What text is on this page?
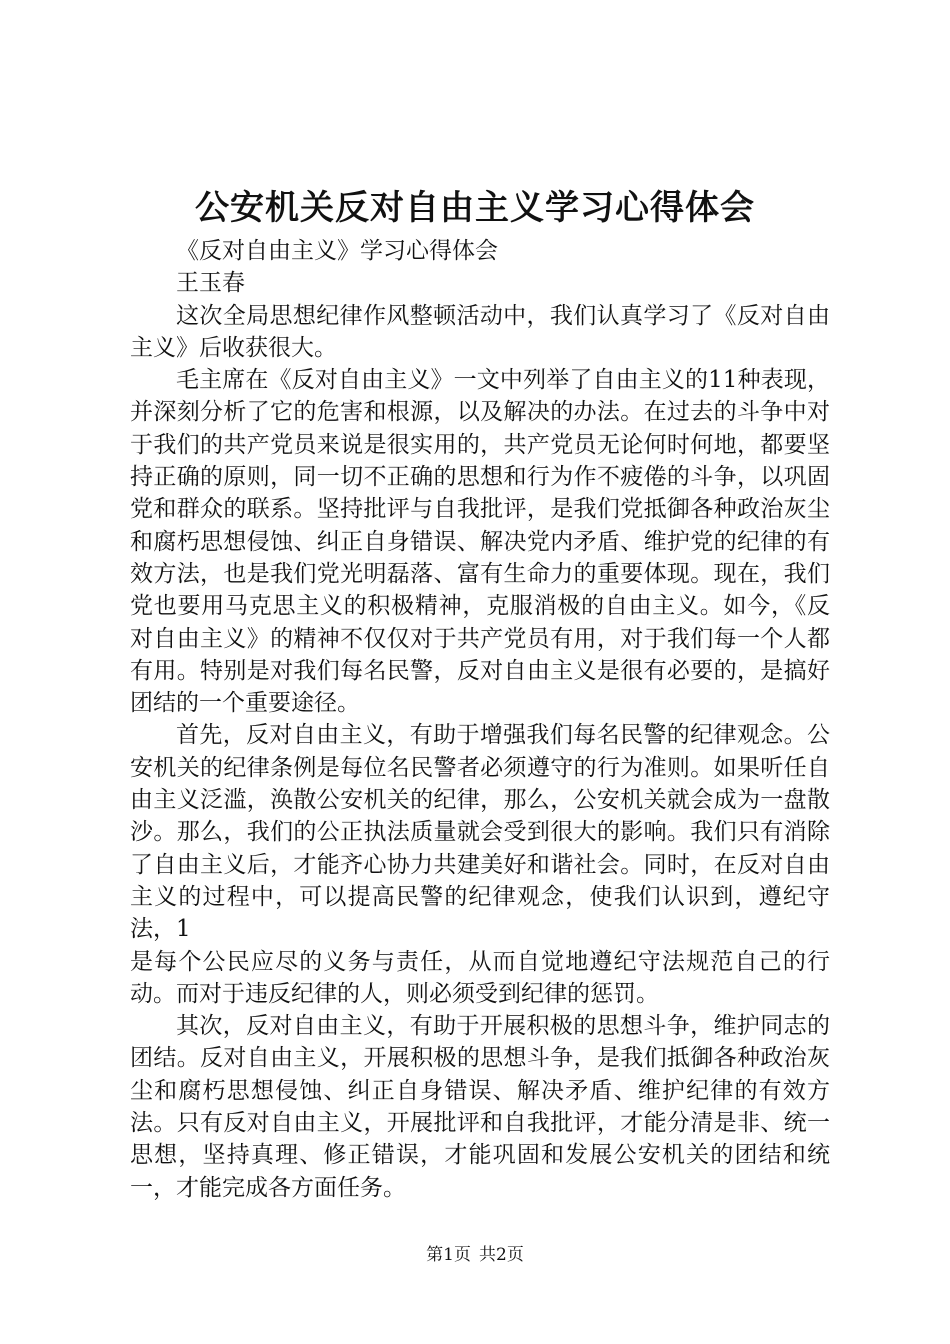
公安机关反对自由主义学习心得体会

《反对自由主义》学习心得体会

王玉春

这次全局思想纪律作风整顿活动中，我们认真学习了《反对自由主义》后收获很大。

毛主席在《反对自由主义》一文中列举了自由主义的11种表现，并深刻分析了它的危害和根源，以及解决的办法。在过去的斗争中对于我们的共产党员来说是很实用的，共产党员无论何时何地，都要坚持正确的原则，同一切不正确的思想和行为作不疲倦的斗争，以巩固党和群众的联系。坚持批评与自我批评，是我们党抵御各种政治灰尘和腐朽思想侵蚀、纠正自身错误、解决党内矛盾、维护党的纪律的有效方法，也是我们党光明磊落、富有生命力的重要体现。现在，我们党也要用马克思主义的积极精神，克服消极的自由主义。如今，《反对自由主义》的精神不仅仅对于共产党员有用，对于我们每一个人都有用。特别是对我们每名民警，反对自由主义是很有必要的，是搞好团结的一个重要途径。

首先，反对自由主义，有助于增强我们每名民警的纪律观念。公安机关的纪律条例是每位名民警者必须遵守的行为准则。如果听任自由主义泛滥，涣散公安机关的纪律，那么，公安机关就会成为一盘散沙。那么，我们的公正执法质量就会受到很大的影响。我们只有消除了自由主义后，才能齐心协力共建美好和谐社会。同时，在反对自由主义的过程中，可以提高民警的纪律观念，使我们认识到，遵纪守法，1

是每个公民应尽的义务与责任，从而自觉地遵纪守法规范自己的行动。而对于违反纪律的人，则必须受到纪律的惩罚。

其次，反对自由主义，有助于开展积极的思想斗争，维护同志的团结。反对自由主义，开展积极的思想斗争，是我们抵御各种政治灰尘和腐朽思想侵蚀、纠正自身错误、解决矛盾、维护纪律的有效方法。只有反对自由主义，开展批评和自我批评，才能分清是非、统一思想，坚持真理、修正错误，才能巩固和发展公安机关的团结和统一，才能完成各方面任务。

第1页 共2页
